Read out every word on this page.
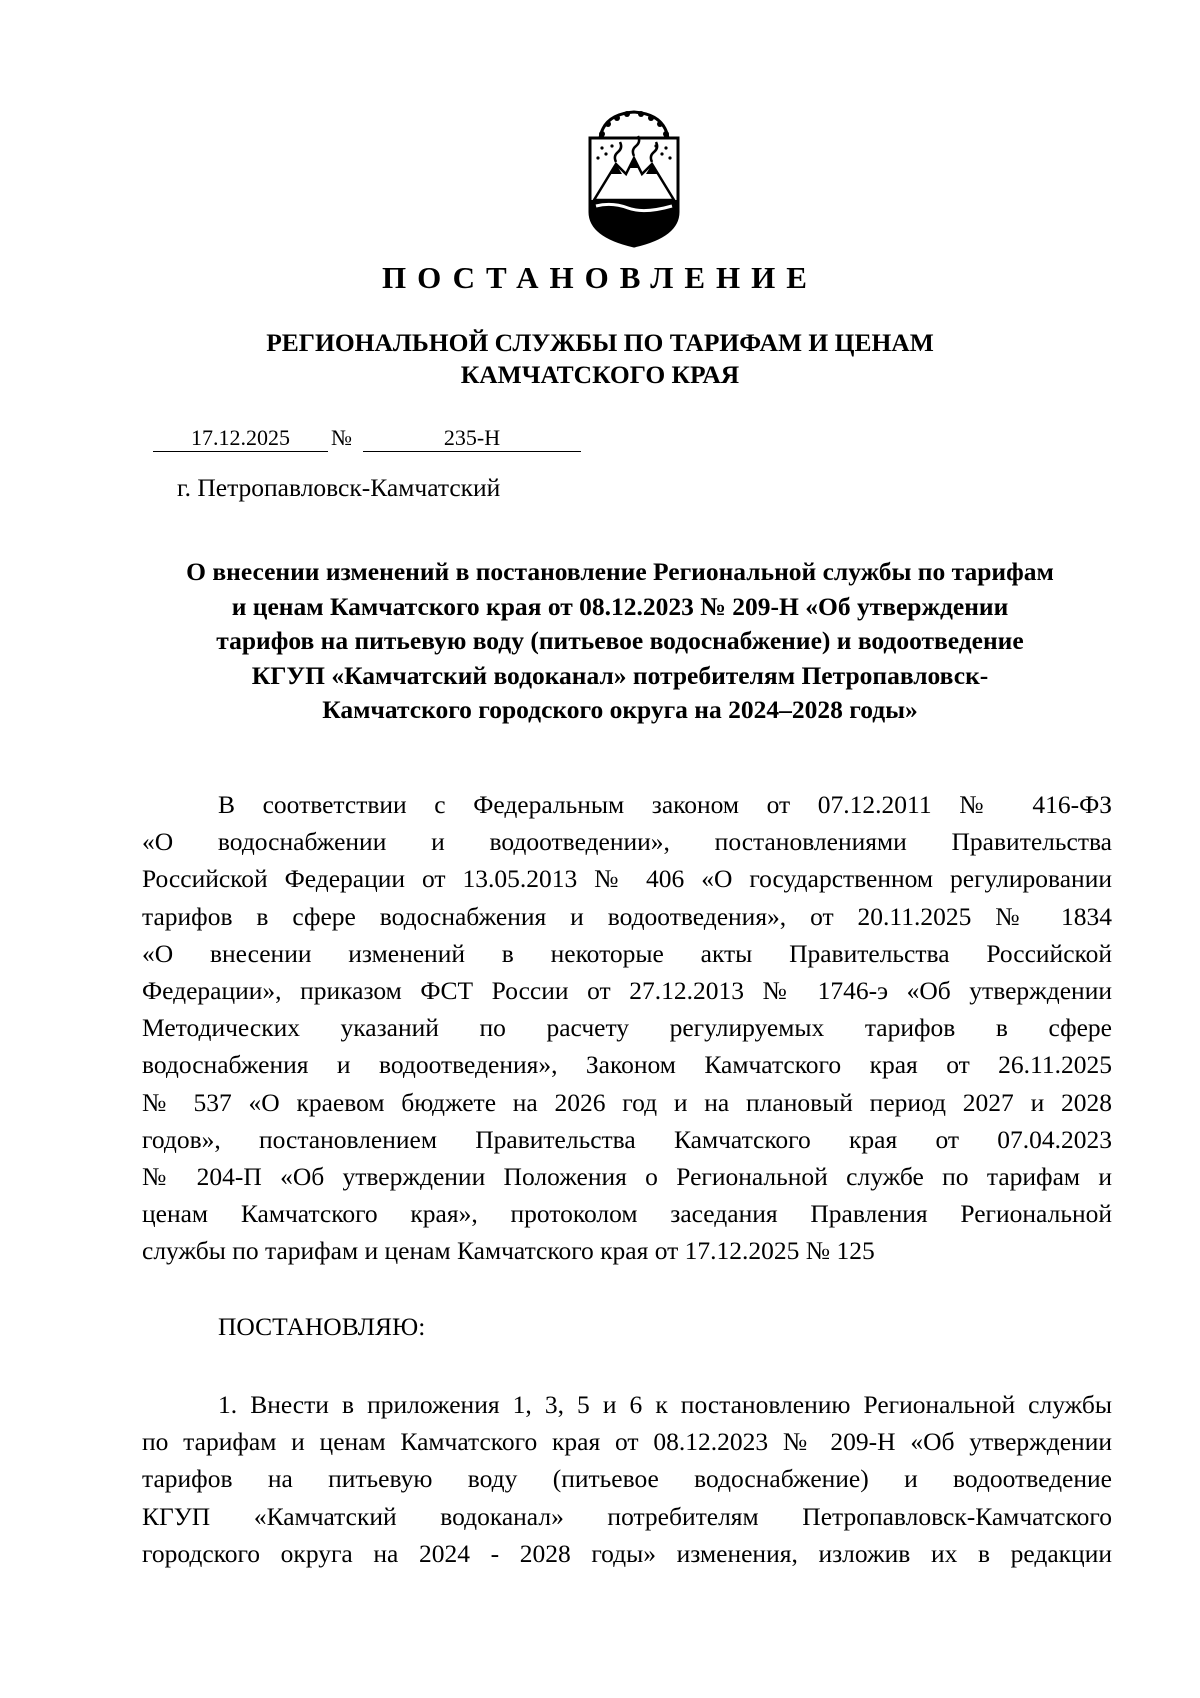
ПОСТАНОВЛЕНИЕ
РЕГИОНАЛЬНОЙ СЛУЖБЫ ПО ТАРИФАМ И ЦЕНАМ
КАМЧАТСКОГО КРАЯ
17.12.2025	№	235-Н
г. Петропавловск-Камчатский
О внесении изменений в постановление Региональной службы по тарифам
и ценам Камчатского края от 08.12.2023 № 209-Н «Об утверждении
тарифов на питьевую воду (питьевое водоснабжение) и водоотведение
КГУП «Камчатский водоканал» потребителям Петропавловск-
Камчатского городского округа на 2024–2028 годы»
В соответствии с Федеральным законом от 07.12.2011 № 416-ФЗ
«О водоснабжении и водоотведении», постановлениями Правительства
Российской Федерации от 13.05.2013 № 406 «О государственном регулировании
тарифов в сфере водоснабжения и водоотведения», от 20.11.2025 № 1834
«О внесении изменений в некоторые акты Правительства Российской
Федерации», приказом ФСТ России от 27.12.2013 № 1746-э «Об утверждении
Методических указаний по расчету регулируемых тарифов в сфере
водоснабжения и водоотведения», Законом Камчатского края от 26.11.2025
№ 537 «О краевом бюджете на 2026 год и на плановый период 2027 и 2028
годов», постановлением Правительства Камчатского края от 07.04.2023
№ 204-П «Об утверждении Положения о Региональной службе по тарифам и
ценам Камчатского края», протоколом заседания Правления Региональной
службы по тарифам и ценам Камчатского края от 17.12.2025 № 125
ПОСТАНОВЛЯЮ:
1. Внести в приложения 1, 3, 5 и 6 к постановлению Региональной службы
по тарифам и ценам Камчатского края от 08.12.2023 № 209-Н «Об утверждении
тарифов на питьевую воду (питьевое водоснабжение) и водоотведение
КГУП «Камчатский водоканал» потребителям Петропавловск-Камчатского
городского округа на 2024 - 2028 годы» изменения, изложив их в редакции
